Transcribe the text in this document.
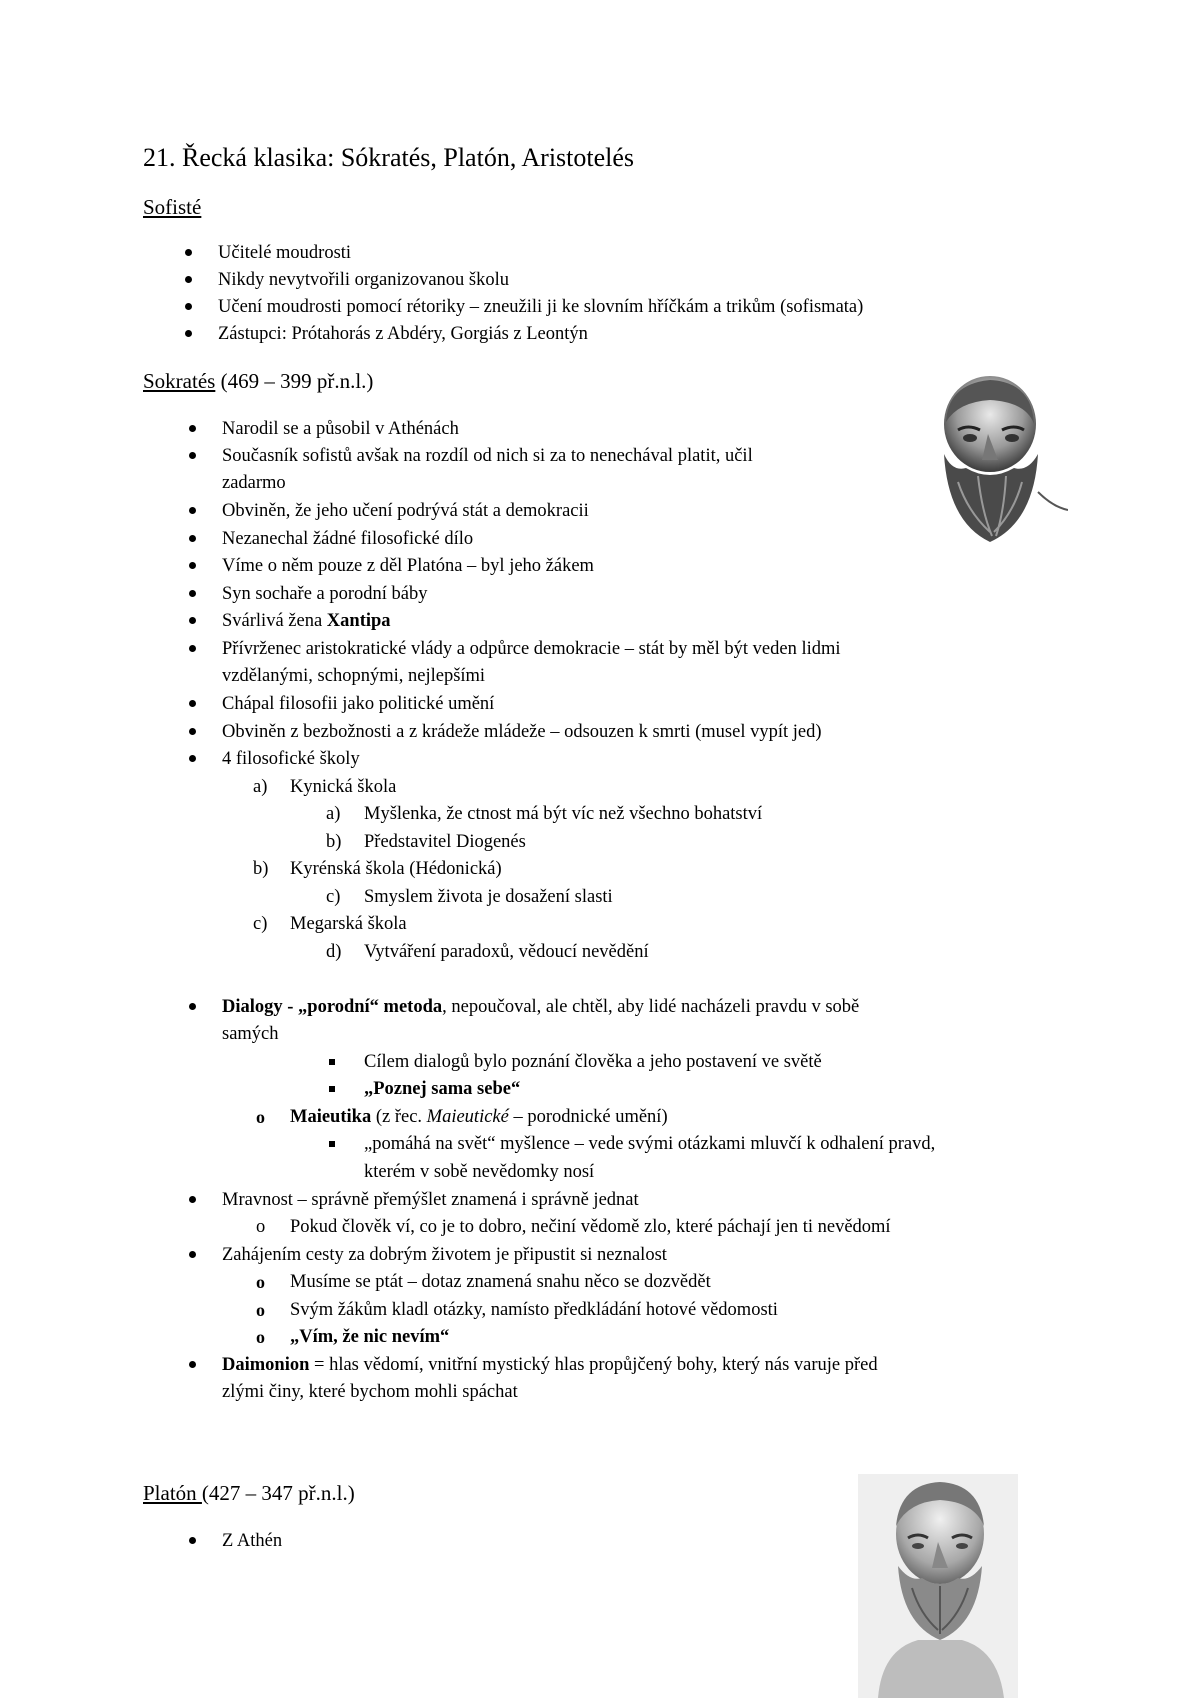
21. Řecká klasika: Sókratés, Platón, Aristotelés
Sofisté
Učitelé moudrosti
Nikdy nevytvořili organizovanou školu
Učení moudrosti pomocí rétoriky – zneužili ji ke slovním hříčkám a trikům (sofismata)
Zástupci: Prótahorás z Abdéry, Gorgiás z Leontýn
Sokratés (469 – 399 př.n.l.)
Narodil se a působil v Athénách
Současník sofistů avšak na rozdíl od nich si za to nenechával platit, učil
zadarmo
Obviněn, že jeho učení podrývá stát a demokracii
Nezanechal žádné filosofické dílo
Víme o něm pouze z děl Platóna – byl jeho žákem
Syn sochaře a porodní báby
Svárlivá žena Xantipa
Přívrženec aristokratické vlády a odpůrce demokracie – stát by měl být veden lidmi
vzdělanými, schopnými, nejlepšími
Chápal filosofii jako politické umění
Obviněn z bezbožnosti a z krádeže mládeže – odsouzen k smrti (musel vypít jed)
4 filosofické školy
a) Kynická škola
a) Myšlenka, že ctnost má být víc než všechno bohatství
b) Představitel Diogenés
b) Kyrénská škola (Hédonická)
c) Smyslem života je dosažení slasti
c) Megarská škola
d) Vytváření paradoxů, vědoucí nevědění
Dialogy - „porodní“ metoda, nepoučoval, ale chtěl, aby lidé nacházeli pravdu v sobě
samých
Cílem dialogů bylo poznání člověka a jeho postavení ve světě
„Poznej sama sebe“
o Maieutika (z řec. Maieutické – porodnické umění)
„pomáhá na svět“ myšlence – vede svými otázkami mluvčí k odhalení pravd,
kterém v sobě nevědomky nosí
Mravnost – správně přemýšlet znamená i správně jednat
o Pokud člověk ví, co je to dobro, nečiní vědomě zlo, které páchají jen ti nevědomí
Zahájením cesty za dobrým životem je připustit si neznalost
o Musíme se ptát – dotaz znamená snahu něco se dozvědět
o Svým žákům kladl otázky, namísto předkládání hotové vědomosti
o „Vím, že nic nevím“
Daimonion = hlas vědomí, vnitřní mystický hlas propůjčený bohy, který nás varuje před
zlými činy, které bychom mohli spáchat
Platón (427 – 347 př.n.l.)
Z Athén
